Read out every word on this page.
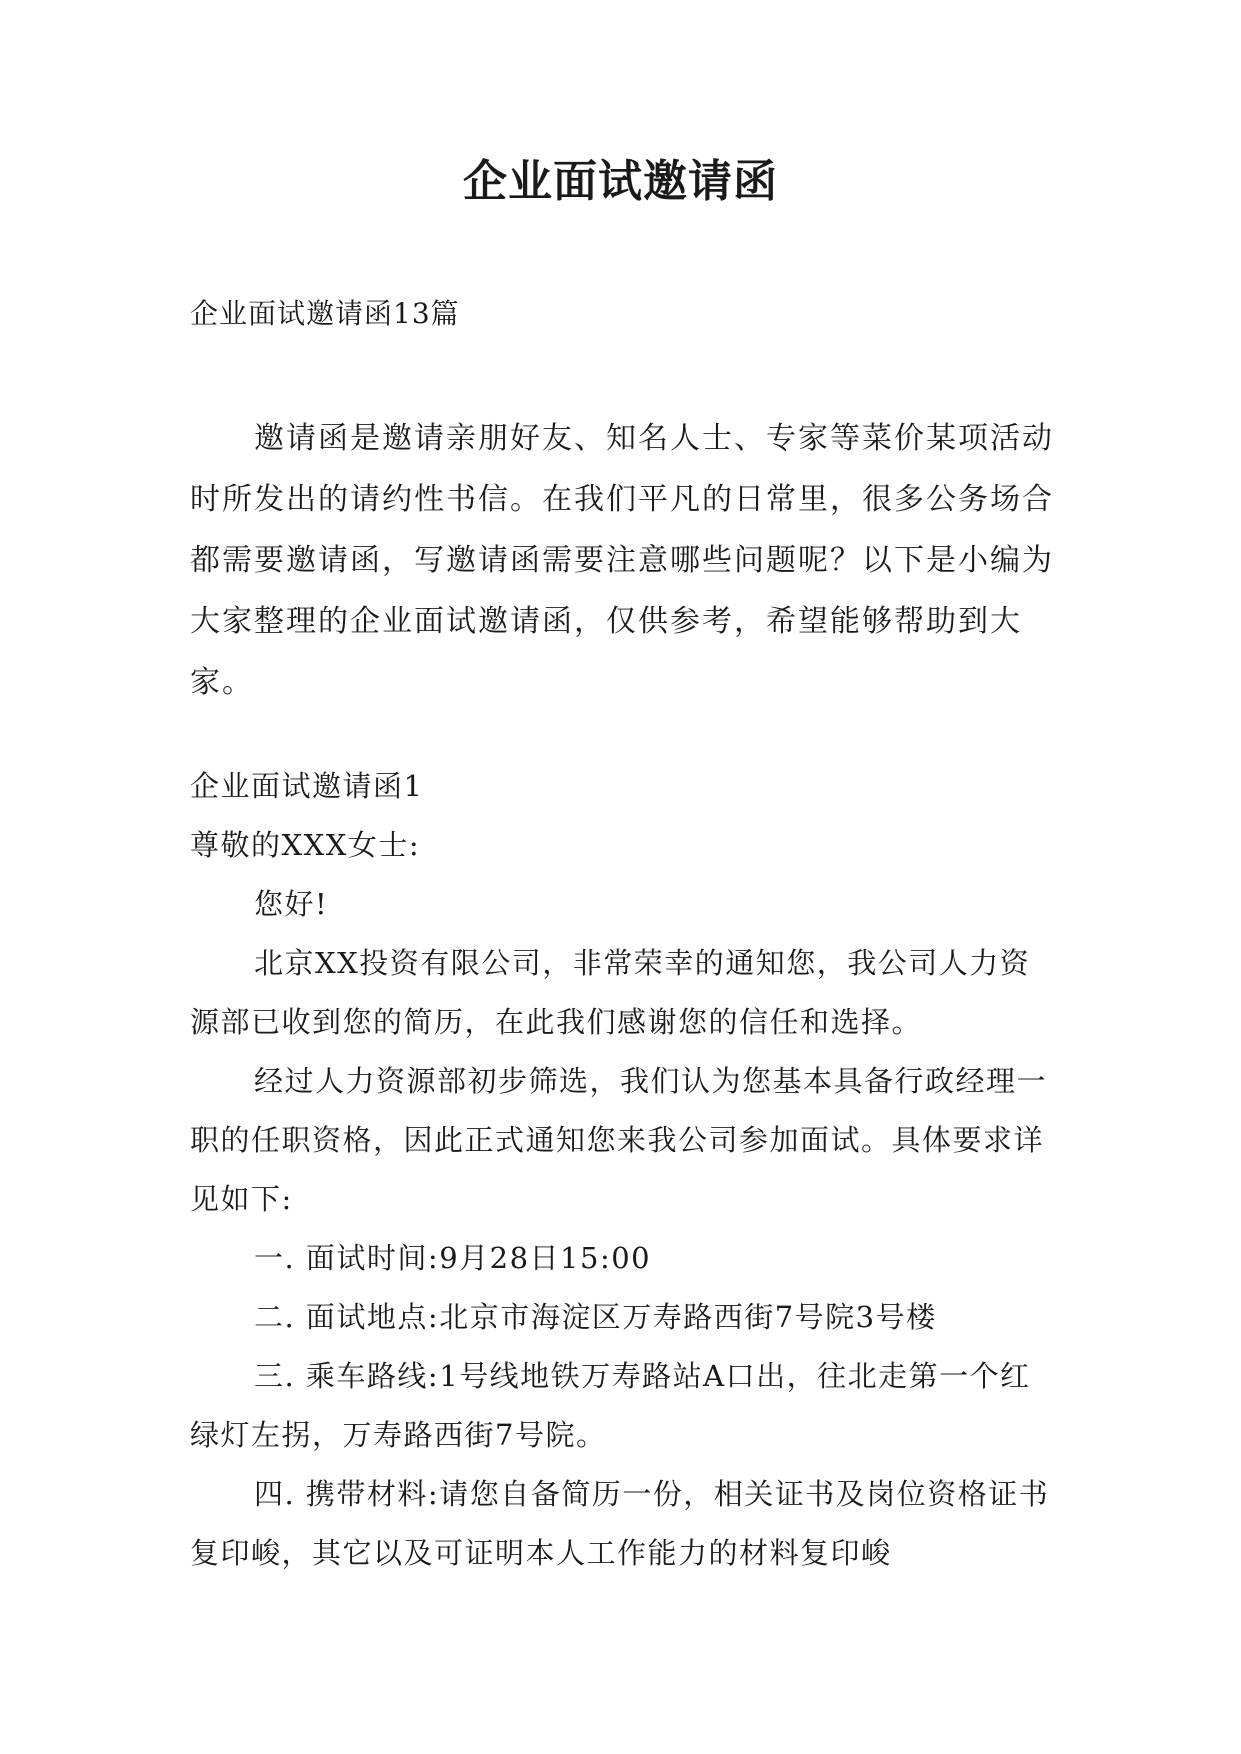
企业面试邀请函
企业面试邀请函13篇

邀请函是邀请亲朋好友、知名人士、专家等菜价某项活动时所发出的请约性书信。在我们平凡的日常里，很多公务场合都需要邀请函，写邀请函需要注意哪些问题呢？以下是小编为大家整理的企业面试邀请函，仅供参考，希望能够帮助到大家。

企业面试邀请函1

尊敬的XXX女士:

您好!

北京XX投资有限公司，非常荣幸的通知您，我公司人力资源部已收到您的简历，在此我们感谢您的信任和选择。

经过人力资源部初步筛选，我们认为您基本具备行政经理一职的任职资格，因此正式通知您来我公司参加面试。具体要求详见如下:

一. 面试时间:9月28日15:00

二. 面试地点:北京市海淀区万寿路西街7号院3号楼

三. 乘车路线:1号线地铁万寿路站A口出，往北走第一个红绿灯左拐，万寿路西街7号院。

四. 携带材料:请您自备简历一份，相关证书及岗位资格证书复印峻，其它以及可证明本人工作能力的材料复印峻
